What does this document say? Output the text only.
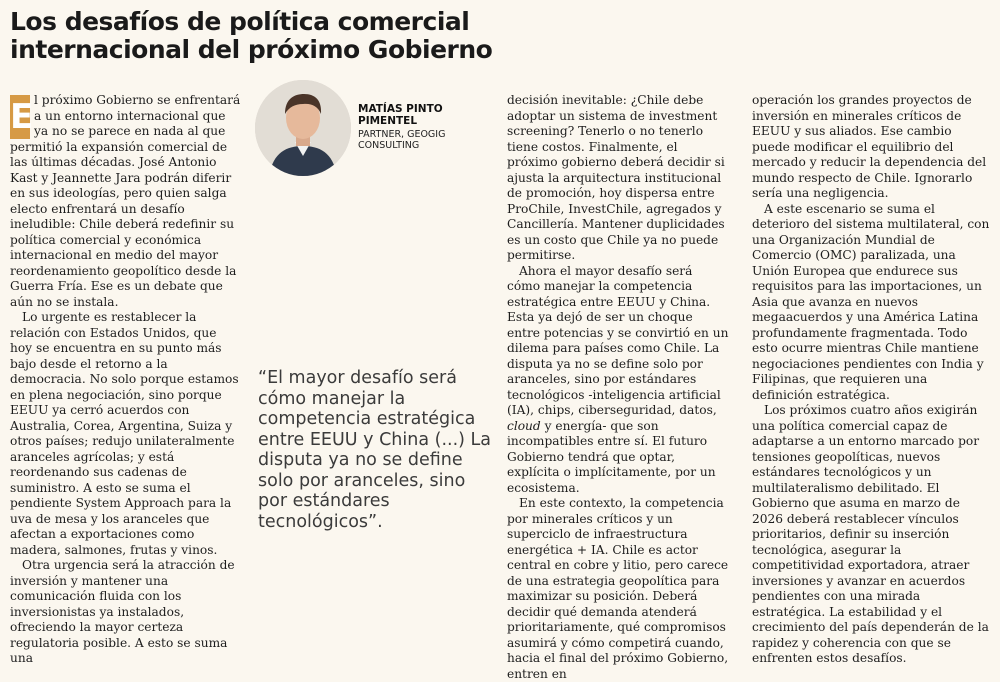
Los desafíos de política comercial
internacional del próximo Gobierno

E l próximo Gobierno se enfrentará a un entorno internacional que ya no se parece en nada al que permitió la expansión comercial de las últimas décadas. José Antonio Kast y Jeannette Jara podrán diferir en sus ideologías, pero quien salga electo enfrentará un desafío ineludible: Chile deberá redefinir su política comercial y económica internacional en medio del mayor reordenamiento geopolítico desde la Guerra Fría. Ese es un debate que aún no se instala.

Lo urgente es restablecer la relación con Estados Unidos, que hoy se encuentra en su punto más bajo desde el retorno a la democracia. No solo porque estamos en plena negociación, sino porque EEUU ya cerró acuerdos con Australia, Corea, Argentina, Suiza y otros países; redujo unilateralmente aranceles agrícolas; y está reordenando sus cadenas de suministro. A esto se suma el pendiente System Approach para la uva de mesa y los aranceles que afectan a exportaciones como madera, salmones, frutas y vinos.

Otra urgencia será la atracción de inversión y mantener una comunicación fluida con los inversionistas ya instalados, ofreciendo la mayor certeza regulatoria posible. A esto se suma una

MATÍAS PINTO PIMENTEL
PARTNER, GEOGIG CONSULTING
“El mayor desafío será cómo manejar la competencia estratégica entre EEUU y China (...) La disputa ya no se define solo por aranceles, sino por estándares tecnológicos”.

decisión inevitable: ¿Chile debe adoptar un sistema de investment screening? Tenerlo o no tenerlo tiene costos. Finalmente, el próximo gobierno deberá decidir si ajusta la arquitectura institucional de promoción, hoy dispersa entre ProChile, InvestChile, agregados y Cancillería. Mantener duplicidades es un costo que Chile ya no puede permitirse.

Ahora el mayor desafío será cómo manejar la competencia estratégica entre EEUU y China. Esta ya dejó de ser un choque entre potencias y se convirtió en un dilema para países como Chile. La disputa ya no se define solo por aranceles, sino por estándares tecnológicos -inteligencia artificial (IA), chips, ciberseguridad, datos, cloud y energía- que son incompatibles entre sí. El futuro Gobierno tendrá que optar, explícita o implícitamente, por un ecosistema.

En este contexto, la competencia por minerales críticos y un superciclo de infraestructura energética + IA. Chile es actor central en cobre y litio, pero carece de una estrategia geopolítica para maximizar su posición. Deberá decidir qué demanda atenderá prioritariamente, qué compromisos asumirá y cómo competirá cuando, hacia el final del próximo Gobierno, entren en

operación los grandes proyectos de inversión en minerales críticos de EEUU y sus aliados. Ese cambio puede modificar el equilibrio del mercado y reducir la dependencia del mundo respecto de Chile. Ignorarlo sería una negligencia.

A este escenario se suma el deterioro del sistema multilateral, con una Organización Mundial de Comercio (OMC) paralizada, una Unión Europea que endurece sus requisitos para las importaciones, un Asia que avanza en nuevos megaacuerdos y una América Latina profundamente fragmentada. Todo esto ocurre mientras Chile mantiene negociaciones pendientes con India y Filipinas, que requieren una definición estratégica.

Los próximos cuatro años exigirán una política comercial capaz de adaptarse a un entorno marcado por tensiones geopolíticas, nuevos estándares tecnológicos y un multilateralismo debilitado. El Gobierno que asuma en marzo de 2026 deberá restablecer vínculos prioritarios, definir su inserción tecnológica, asegurar la competitividad exportadora, atraer inversiones y avanzar en acuerdos pendientes con una mirada estratégica. La estabilidad y el crecimiento del país dependerán de la rapidez y coherencia con que se enfrenten estos desafíos.
